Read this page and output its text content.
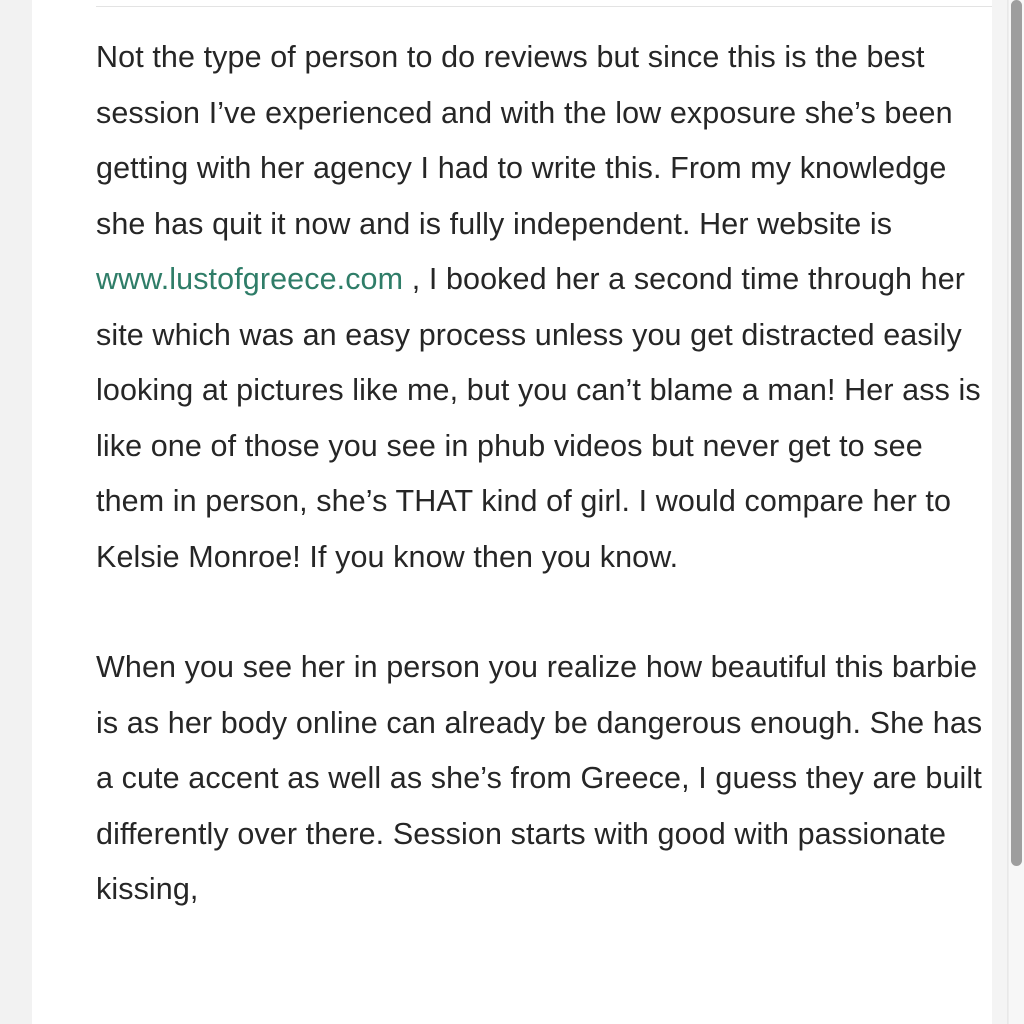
Not the type of person to do reviews but since this is the best session I’ve experienced and with the low exposure she’s been getting with her agency I had to write this. From my knowledge she has quit it now and is fully independent. Her website is www.lustofgreece.com , I booked her a second time through her site which was an easy process unless you get distracted easily looking at pictures like me, but you can’t blame a man! Her ass is like one of those you see in phub videos but never get to see them in person, she’s THAT kind of girl. I would compare her to Kelsie Monroe! If you know then you know.

When you see her in person you realize how beautiful this barbie is as her body online can already be dangerous enough. She has a cute accent as well as she’s from Greece, I guess they are built differently over there. Session starts with good with passionate kissing,
